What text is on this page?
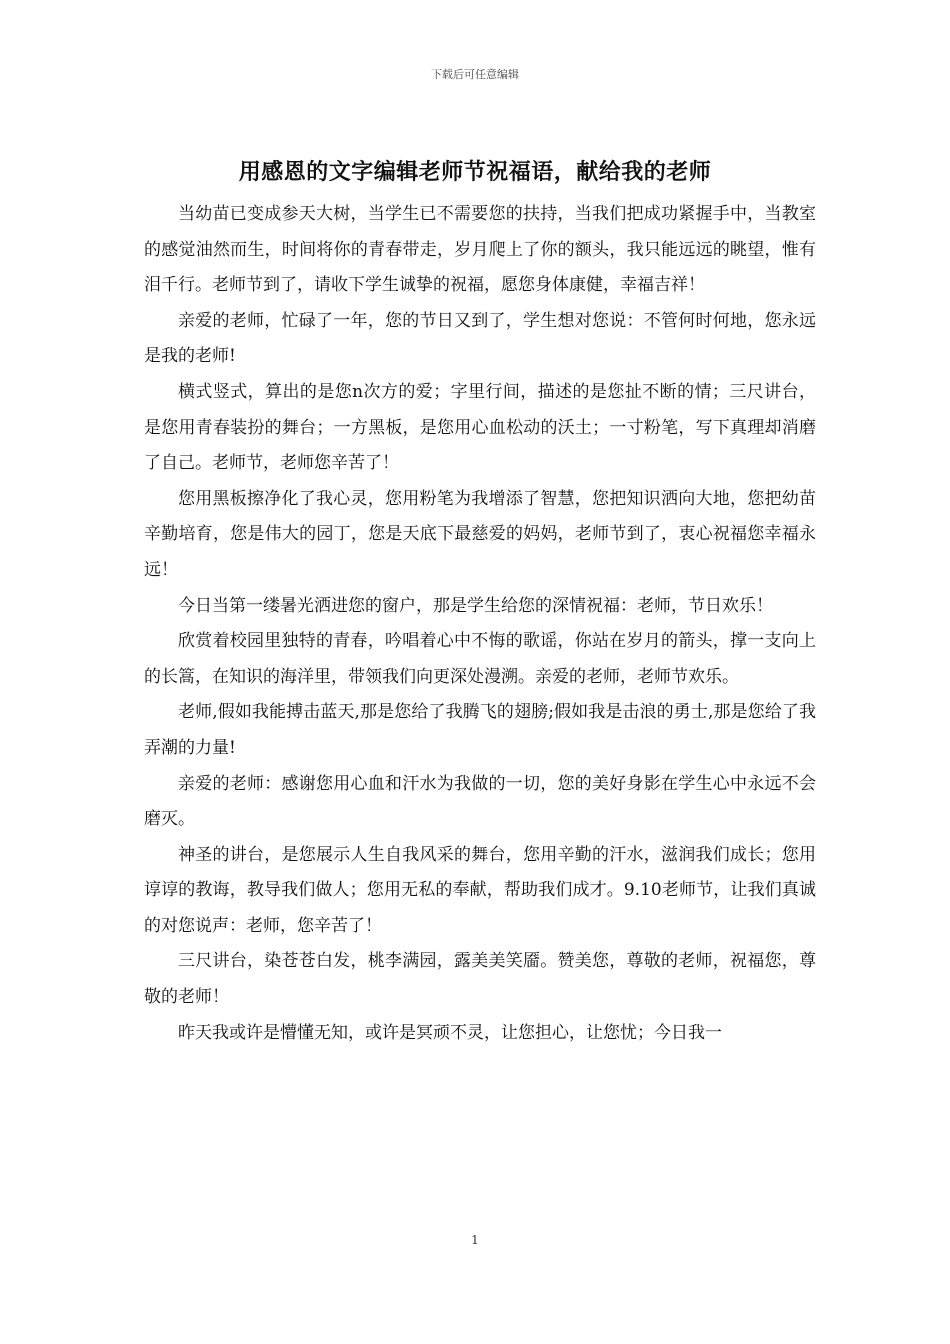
下载后可任意编辑
用感恩的文字编辑老师节祝福语，献给我的老师

当幼苗已变成参天大树，当学生已不需要您的扶持，当我们把成功紧握手中，当教室的感觉油然而生，时间将你的青春带走，岁月爬上了你的额头，我只能远远的眺望，惟有泪千行。老师节到了，请收下学生诚挚的祝福，愿您身体康健，幸福吉祥！

亲爱的老师，忙碌了一年，您的节日又到了，学生想对您说：不管何时何地，您永远是我的老师!

横式竖式，算出的是您n次方的爱；字里行间，描述的是您扯不断的情；三尺讲台，是您用青春装扮的舞台；一方黑板，是您用心血松动的沃土；一寸粉笔，写下真理却消磨了自己。老师节，老师您辛苦了！

您用黑板擦净化了我心灵，您用粉笔为我增添了智慧，您把知识洒向大地，您把幼苗辛勤培育，您是伟大的园丁，您是天底下最慈爱的妈妈，老师节到了，衷心祝福您幸福永远！

今日当第一缕暑光洒进您的窗户，那是学生给您的深情祝福：老师，节日欢乐！

欣赏着校园里独特的青春，吟唱着心中不悔的歌谣，你站在岁月的箭头，撑一支向上的长篙，在知识的海洋里，带领我们向更深处漫溯。亲爱的老师，老师节欢乐。

老师,假如我能搏击蓝天,那是您给了我腾飞的翅膀;假如我是击浪的勇士,那是您给了我弄潮的力量!

亲爱的老师：感谢您用心血和汗水为我做的一切，您的美好身影在学生心中永远不会磨灭。

神圣的讲台，是您展示人生自我风采的舞台，您用辛勤的汗水，滋润我们成长；您用谆谆的教诲，教导我们做人；您用无私的奉献，帮助我们成才。9.10老师节，让我们真诚的对您说声：老师，您辛苦了！

三尺讲台，染苍苍白发，桃李满园，露美美笑靥。赞美您，尊敬的老师，祝福您，尊敬的老师！

昨天我或许是懵懂无知，或许是冥顽不灵，让您担心，让您忧；今日我一

1
